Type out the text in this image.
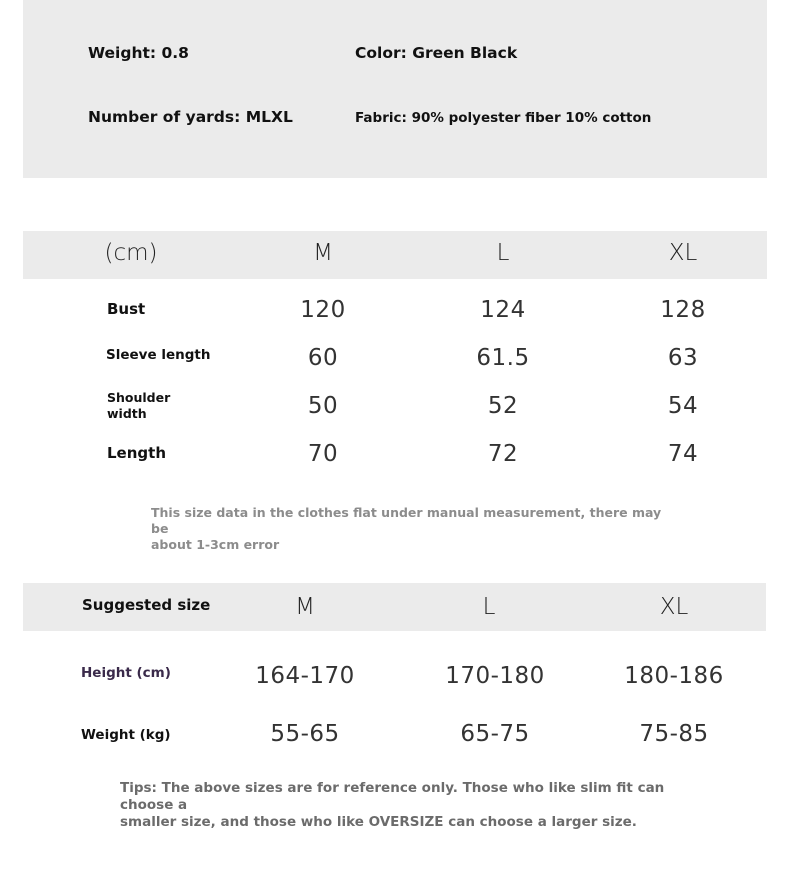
Weight: 0.8	Color: Green Black
Number of yards: MLXL	Fabric: 90% polyester fiber 10% cotton
(cm)	M	L	XL
Bust	120	124	128
Sleeve length	60	61.5	63
Shoulder
width	50	52	54
Length	70	72	74
This size data in the clothes flat under manual measurement, there may be
about 1-3cm error
Suggested size	M	L	XL
Height (cm)	164-170	170-180	180-186
Weight (kg)	55-65	65-75	75-85
Tips: The above sizes are for reference only. Those who like slim fit can choose a
smaller size, and those who like OVERSIZE can choose a larger size.
